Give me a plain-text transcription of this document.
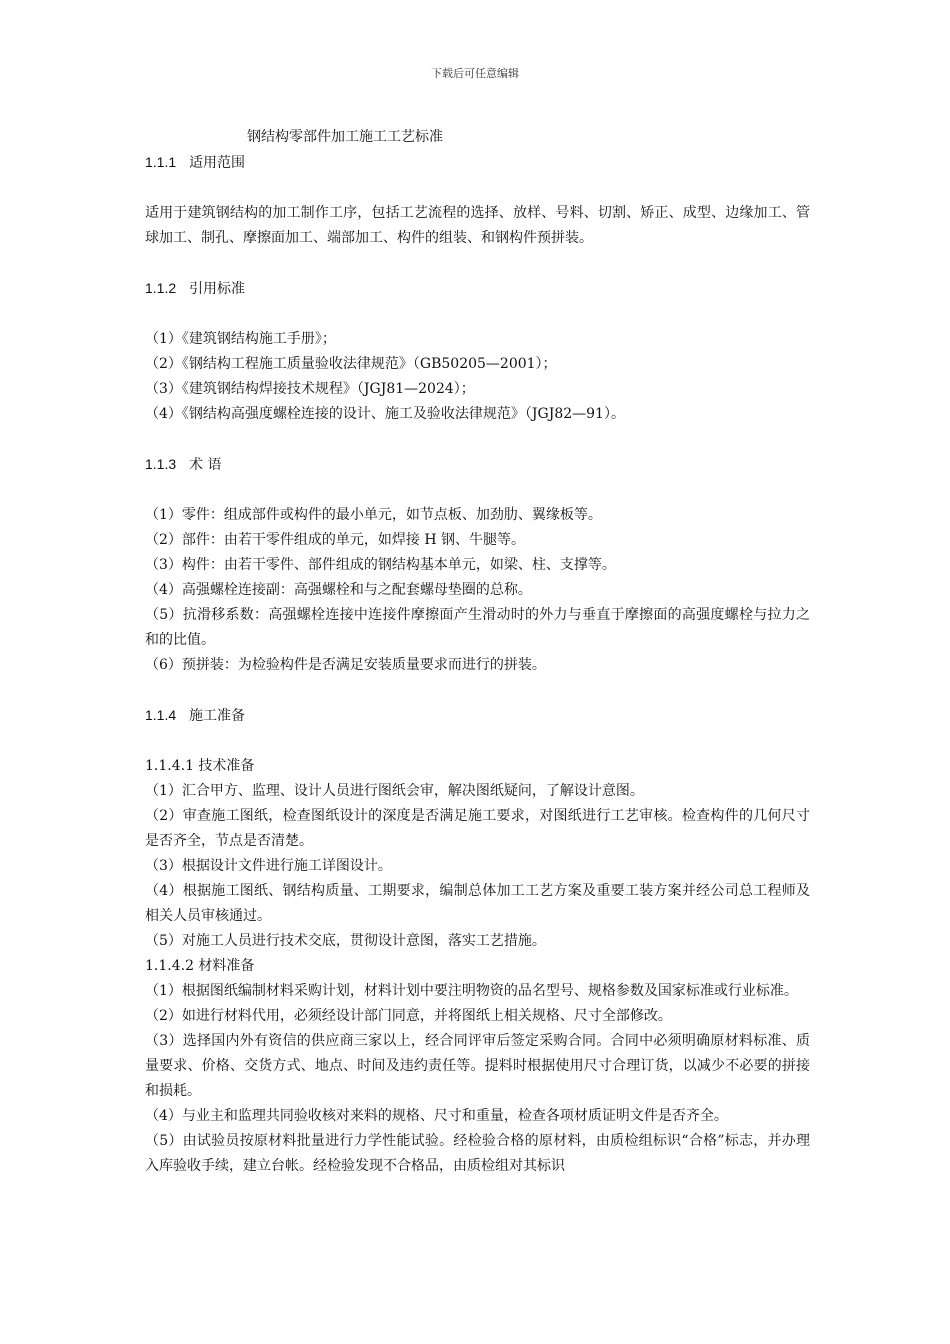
下载后可任意编辑
钢结构零部件加工施工工艺标准
1.1.1 适用范围
适用于建筑钢结构的加工制作工序，包括工艺流程的选择、放样、号料、切割、矫正、成型、边缘加工、管球加工、制孔、摩擦面加工、端部加工、构件的组装、和钢构件预拼装。
1.1.2 引用标准
（1）《建筑钢结构施工手册》；
（2）《钢结构工程施工质量验收法律规范》（GB50205—2001）；
（3）《建筑钢结构焊接技术规程》（JGJ81—2024）；
（4）《钢结构高强度螺栓连接的设计、施工及验收法律规范》（JGJ82—91）。
1.1.3 术 语
（1）零件：组成部件或构件的最小单元，如节点板、加劲肋、翼缘板等。
（2）部件：由若干零件组成的单元，如焊接 H 钢、牛腿等。
（3）构件：由若干零件、部件组成的钢结构基本单元，如梁、柱、支撑等。
（4）高强螺栓连接副：高强螺栓和与之配套螺母垫圈的总称。
（5）抗滑移系数：高强螺栓连接中连接件摩擦面产生滑动时的外力与垂直于摩擦面的高强度螺栓与拉力之和的比值。
（6）预拼装：为检验构件是否满足安装质量要求而进行的拼装。
1.1.4 施工准备
1.1.4.1 技术准备
（1）汇合甲方、监理、设计人员进行图纸会审，解决图纸疑问，了解设计意图。
（2）审查施工图纸，检查图纸设计的深度是否满足施工要求，对图纸进行工艺审核。检查构件的几何尺寸是否齐全，节点是否清楚。
（3）根据设计文件进行施工详图设计。
（4）根据施工图纸、钢结构质量、工期要求，编制总体加工工艺方案及重要工装方案并经公司总工程师及相关人员审核通过。
（5）对施工人员进行技术交底，贯彻设计意图，落实工艺措施。
1.1.4.2 材料准备
（1）根据图纸编制材料采购计划，材料计划中要注明物资的品名型号、规格参数及国家标准或行业标准。
（2）如进行材料代用，必须经设计部门同意，并将图纸上相关规格、尺寸全部修改。
（3）选择国内外有资信的供应商三家以上，经合同评审后签定采购合同。合同中必须明确原材料标准、质量要求、价格、交货方式、地点、时间及违约责任等。提料时根据使用尺寸合理订货，以减少不必要的拼接和损耗。
（4）与业主和监理共同验收核对来料的规格、尺寸和重量，检查各项材质证明文件是否齐全。
（5）由试验员按原材料批量进行力学性能试验。经检验合格的原材料，由质检组标识“合格”标志，并办理入库验收手续，建立台帐。经检验发现不合格品，由质检组对其标识
